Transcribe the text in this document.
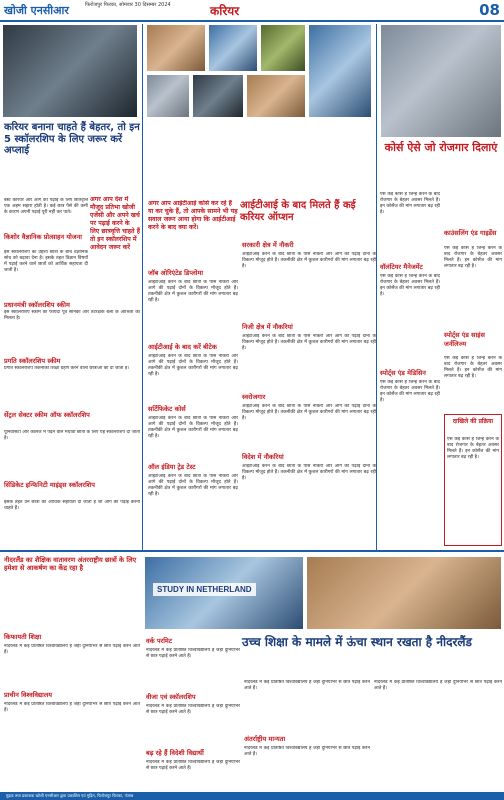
खोजी एनसीआर	फिरोजपुर फिरका, सोमवार 30 दिसम्बर 2024	करियर	08
करियर बनाना चाहते हैं बेहतर, तो इन 5 स्कॉलरशिप के लिए जरूर करें अप्लाई

बेस्ट करियर और आगे की पढ़ाई के लिए छात्रवृत्ति एक अहम सहारा होती है। कई छात्र पैसे की कमी के कारण अपनी पढ़ाई पूरी नहीं कर पाते।

अगर आप देश में मौजूद प्रतिभा खोजी एजेंसी और अपने खर्च पर पढ़ाई करने के लिए छात्रवृत्ति चाहते हैं तो इन स्कॉलरशिप में आवेदन जरूर करें
किशोर वैज्ञानिक प्रोत्साहन योजना

इस स्कॉलरशिप का उद्देश्य छात्रों के बीच वैज्ञानिक सोच को बढ़ावा देना है। इसके तहत विज्ञान विषयों में पढ़ाई करने वाले छात्रों को आर्थिक सहायता दी जाती है।

प्रधानमंत्री स्कॉलरशिप स्कीम

इस स्कॉलरशिप स्कीम का फायदा पूर्व सैनिकों और तटरक्षक बलों के आश्रितों को मिलता है।

प्रगति स्कॉलरशिप स्कीम

प्रगति स्कॉलरशिप तकनीकी शिक्षा ग्रहण करने वाली छात्राओं को दी जाती है।

सेंट्रल सेक्टर स्कीम ऑफ स्कॉलरशिप

यूनिवर्सिटी और कॉलेज में पढ़ने वाले मेधावी छात्रों के लिए यह स्कॉलरशिप दी जाती है।

सिंडिकेट इन्फिनिटी माइंड्स स्कॉलरशिप

इसके तहत उन छात्रों को आर्थिक सहायता दी जाती है जो आगे की पढ़ाई करना चाहते हैं।

अगर आप आईटीआई कोर्स कर रहे हैं या कर चुके हैं, तो आपके सामने भी यह सवाल जरूर आया होगा कि आईटीआई करने के बाद क्या करें।
आईटीआई के बाद मिलते हैं कई करियर ऑप्शन
जॉब ओरिएंटेड डिप्लोमा

आईटीआई करने के बाद छात्रों के पास नौकरी और आगे की पढ़ाई दोनों के विकल्प मौजूद होते हैं। तकनीकी क्षेत्र में कुशल कारीगरों की मांग लगातार बढ़ रही है।

आईटीआई के बाद करें बीटेक

आईटीआई करने के बाद छात्रों के पास नौकरी और आगे की पढ़ाई दोनों के विकल्प मौजूद होते हैं। तकनीकी क्षेत्र में कुशल कारीगरों की मांग लगातार बढ़ रही है।

सर्टिफिकेट कोर्स

आईटीआई करने के बाद छात्रों के पास नौकरी और आगे की पढ़ाई दोनों के विकल्प मौजूद होते हैं। तकनीकी क्षेत्र में कुशल कारीगरों की मांग लगातार बढ़ रही है।

ऑल इंडिया ट्रेड टेस्ट

आईटीआई करने के बाद छात्रों के पास नौकरी और आगे की पढ़ाई दोनों के विकल्प मौजूद होते हैं। तकनीकी क्षेत्र में कुशल कारीगरों की मांग लगातार बढ़ रही है।

सरकारी क्षेत्र में नौकरी

आईटीआई करने के बाद छात्रों के पास नौकरी और आगे की पढ़ाई दोनों के विकल्प मौजूद होते हैं। तकनीकी क्षेत्र में कुशल कारीगरों की मांग लगातार बढ़ रही है।

निजी क्षेत्र में नौकरियां

आईटीआई करने के बाद छात्रों के पास नौकरी और आगे की पढ़ाई दोनों के विकल्प मौजूद होते हैं। तकनीकी क्षेत्र में कुशल कारीगरों की मांग लगातार बढ़ रही है।

स्वरोजगार

आईटीआई करने के बाद छात्रों के पास नौकरी और आगे की पढ़ाई दोनों के विकल्प मौजूद होते हैं। तकनीकी क्षेत्र में कुशल कारीगरों की मांग लगातार बढ़ रही है।

विदेश में नौकरियां

आईटीआई करने के बाद छात्रों के पास नौकरी और आगे की पढ़ाई दोनों के विकल्प मौजूद होते हैं। तकनीकी क्षेत्र में कुशल कारीगरों की मांग लगातार बढ़ रही है।

कोर्स ऐसे जो रोजगार दिलाएं

ऐसे कई कोर्स हैं जिन्हें करने के बाद रोजगार के बेहतर अवसर मिलते हैं। इन कोर्सेज की मांग लगातार बढ़ रही है।

काउंसलिंग एंड गाइडेंस

ऐसे कई कोर्स हैं जिन्हें करने के बाद रोजगार के बेहतर अवसर मिलते हैं। इन कोर्सेज की मांग लगातार बढ़ रही है।

वॉलंटियर मैनेजमेंट

ऐसे कई कोर्स हैं जिन्हें करने के बाद रोजगार के बेहतर अवसर मिलते हैं। इन कोर्सेज की मांग लगातार बढ़ रही है।

स्पोर्ट्स एंड साइंस जर्नलिज्म

ऐसे कई कोर्स हैं जिन्हें करने के बाद रोजगार के बेहतर अवसर मिलते हैं। इन कोर्सेज की मांग लगातार बढ़ रही है।

स्पोर्ट्स एंड मेडिसिन

ऐसे कई कोर्स हैं जिन्हें करने के बाद रोजगार के बेहतर अवसर मिलते हैं। इन कोर्सेज की मांग लगातार बढ़ रही है।

दाखिले की प्रक्रिया

ऐसे कई कोर्स हैं जिन्हें करने के बाद रोजगार के बेहतर अवसर मिलते हैं। इन कोर्सेज की मांग लगातार बढ़ रही है।

नीदरलैंड का शैक्षिक वातावरण अंतरराष्ट्रीय छात्रों के लिए हमेशा से आकर्षण का केंद्र रहा है
STUDY IN NETHERLAND
उच्च शिक्षा के मामले में ऊंचा स्थान रखता है नीदरलैंड
किफायती शिक्षा

नीदरलैंड में कई प्रतिष्ठित विश्वविद्यालय हैं जहां दुनियाभर से छात्र पढ़ाई करने आते हैं।

प्राचीन विश्वविद्यालय

नीदरलैंड में कई प्रतिष्ठित विश्वविद्यालय हैं जहां दुनियाभर से छात्र पढ़ाई करने आते हैं।

वर्क परमिट

नीदरलैंड में कई प्रतिष्ठित विश्वविद्यालय हैं जहां दुनियाभर से छात्र पढ़ाई करने आते हैं।

वीजा एवं स्कॉलरशिप

नीदरलैंड में कई प्रतिष्ठित विश्वविद्यालय हैं जहां दुनियाभर से छात्र पढ़ाई करने आते हैं।

बढ़ रहे हैं विदेशी विद्यार्थी

नीदरलैंड में कई प्रतिष्ठित विश्वविद्यालय हैं जहां दुनियाभर से छात्र पढ़ाई करने आते हैं।

नीदरलैंड में कई प्रतिष्ठित विश्वविद्यालय हैं जहां दुनियाभर से छात्र पढ़ाई करने आते हैं।

अंतर्राष्ट्रीय मान्यता

नीदरलैंड में कई प्रतिष्ठित विश्वविद्यालय हैं जहां दुनियाभर से छात्र पढ़ाई करने आते हैं।

नीदरलैंड में कई प्रतिष्ठित विश्वविद्यालय हैं जहां दुनियाभर से छात्र पढ़ाई करने आते हैं।

मुद्रक तथा प्रकाशक खोजी एनसीआर द्वारा प्रकाशित एवं मुद्रित, फिरोजपुर फिरका, पंजाब
